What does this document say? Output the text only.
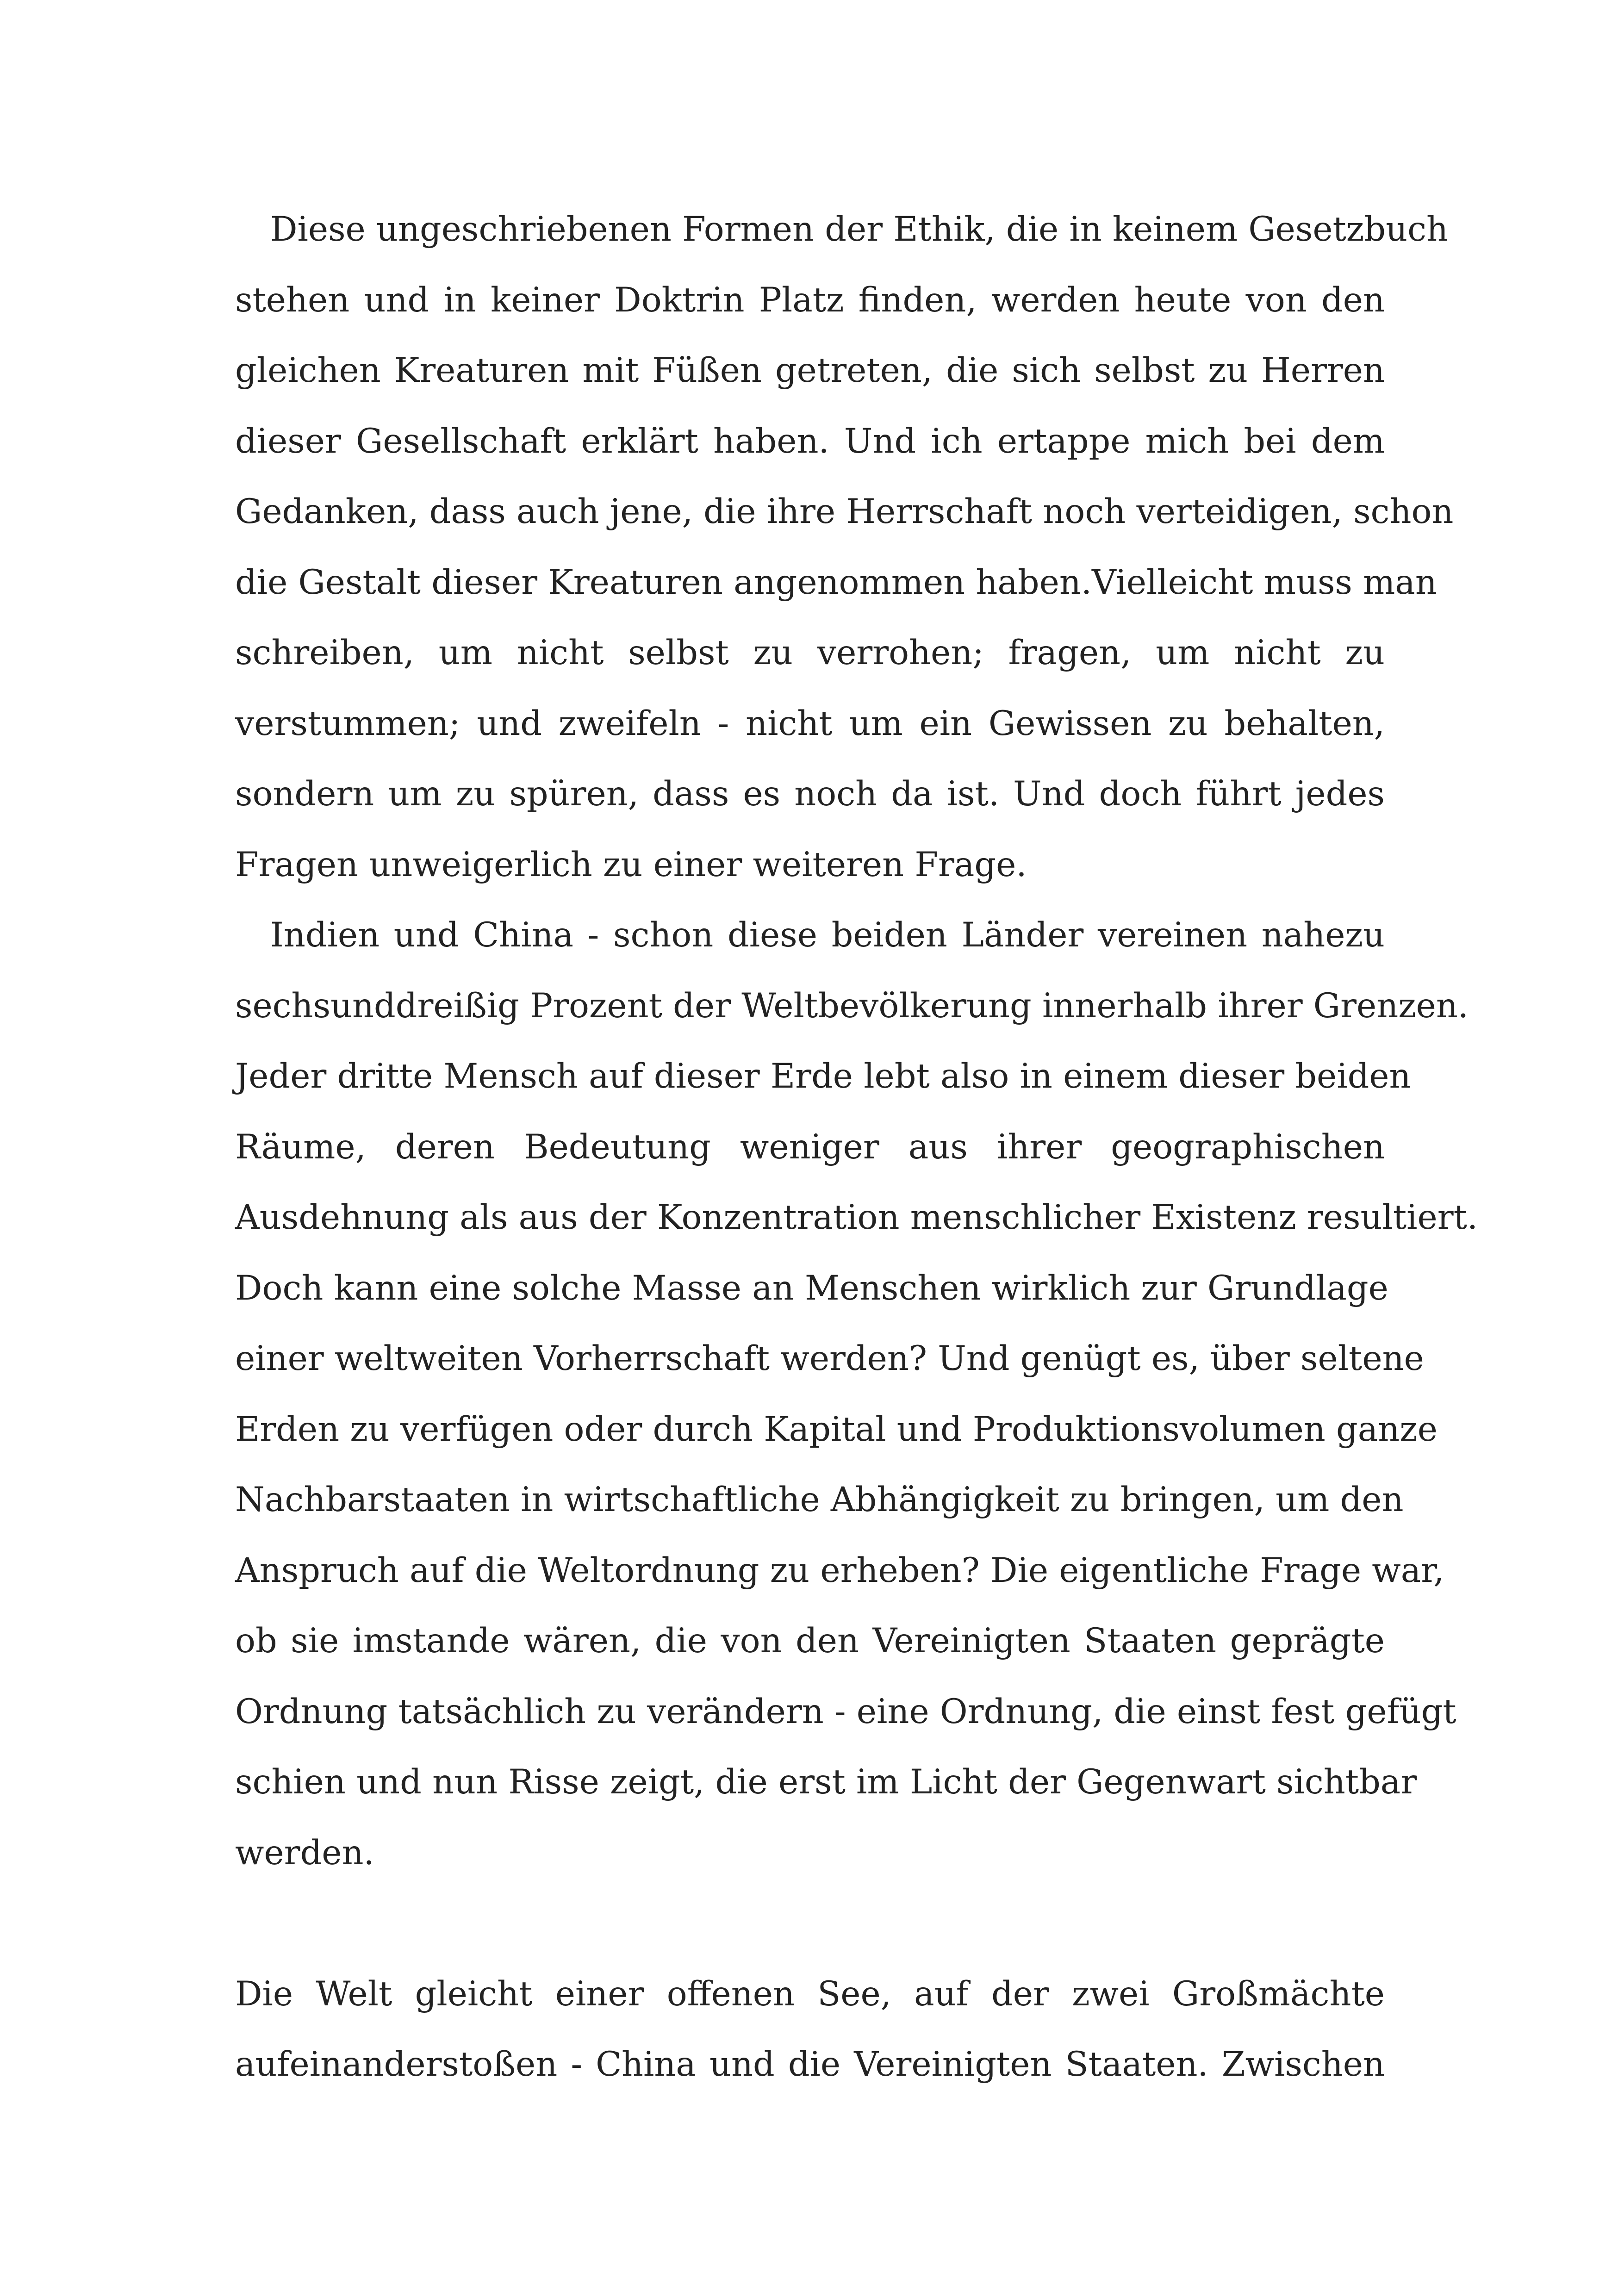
Diese ungeschriebenen Formen der Ethik, die in keinem Gesetzbuch
stehen und in keiner Doktrin Platz finden, werden heute von den
gleichen Kreaturen mit Füßen getreten, die sich selbst zu Herren
dieser Gesellschaft erklärt haben. Und ich ertappe mich bei dem
Gedanken, dass auch jene, die ihre Herrschaft noch verteidigen, schon
die Gestalt dieser Kreaturen angenommen haben.Vielleicht muss man
schreiben, um nicht selbst zu verrohen; fragen, um nicht zu
verstummen; und zweifeln - nicht um ein Gewissen zu behalten,
sondern um zu spüren, dass es noch da ist. Und doch führt jedes
Fragen unweigerlich zu einer weiteren Frage.
Indien und China - schon diese beiden Länder vereinen nahezu
sechsunddreißig Prozent der Weltbevölkerung innerhalb ihrer Grenzen.
Jeder dritte Mensch auf dieser Erde lebt also in einem dieser beiden
Räume, deren Bedeutung weniger aus ihrer geographischen
Ausdehnung als aus der Konzentration menschlicher Existenz resultiert.
Doch kann eine solche Masse an Menschen wirklich zur Grundlage
einer weltweiten Vorherrschaft werden? Und genügt es, über seltene
Erden zu verfügen oder durch Kapital und Produktionsvolumen ganze
Nachbarstaaten in wirtschaftliche Abhängigkeit zu bringen, um den
Anspruch auf die Weltordnung zu erheben? Die eigentliche Frage war,
ob sie imstande wären, die von den Vereinigten Staaten geprägte
Ordnung tatsächlich zu verändern - eine Ordnung, die einst fest gefügt
schien und nun Risse zeigt, die erst im Licht der Gegenwart sichtbar
werden.
Die Welt gleicht einer offenen See, auf der zwei Großmächte
aufeinanderstoßen - China und die Vereinigten Staaten. Zwischen
